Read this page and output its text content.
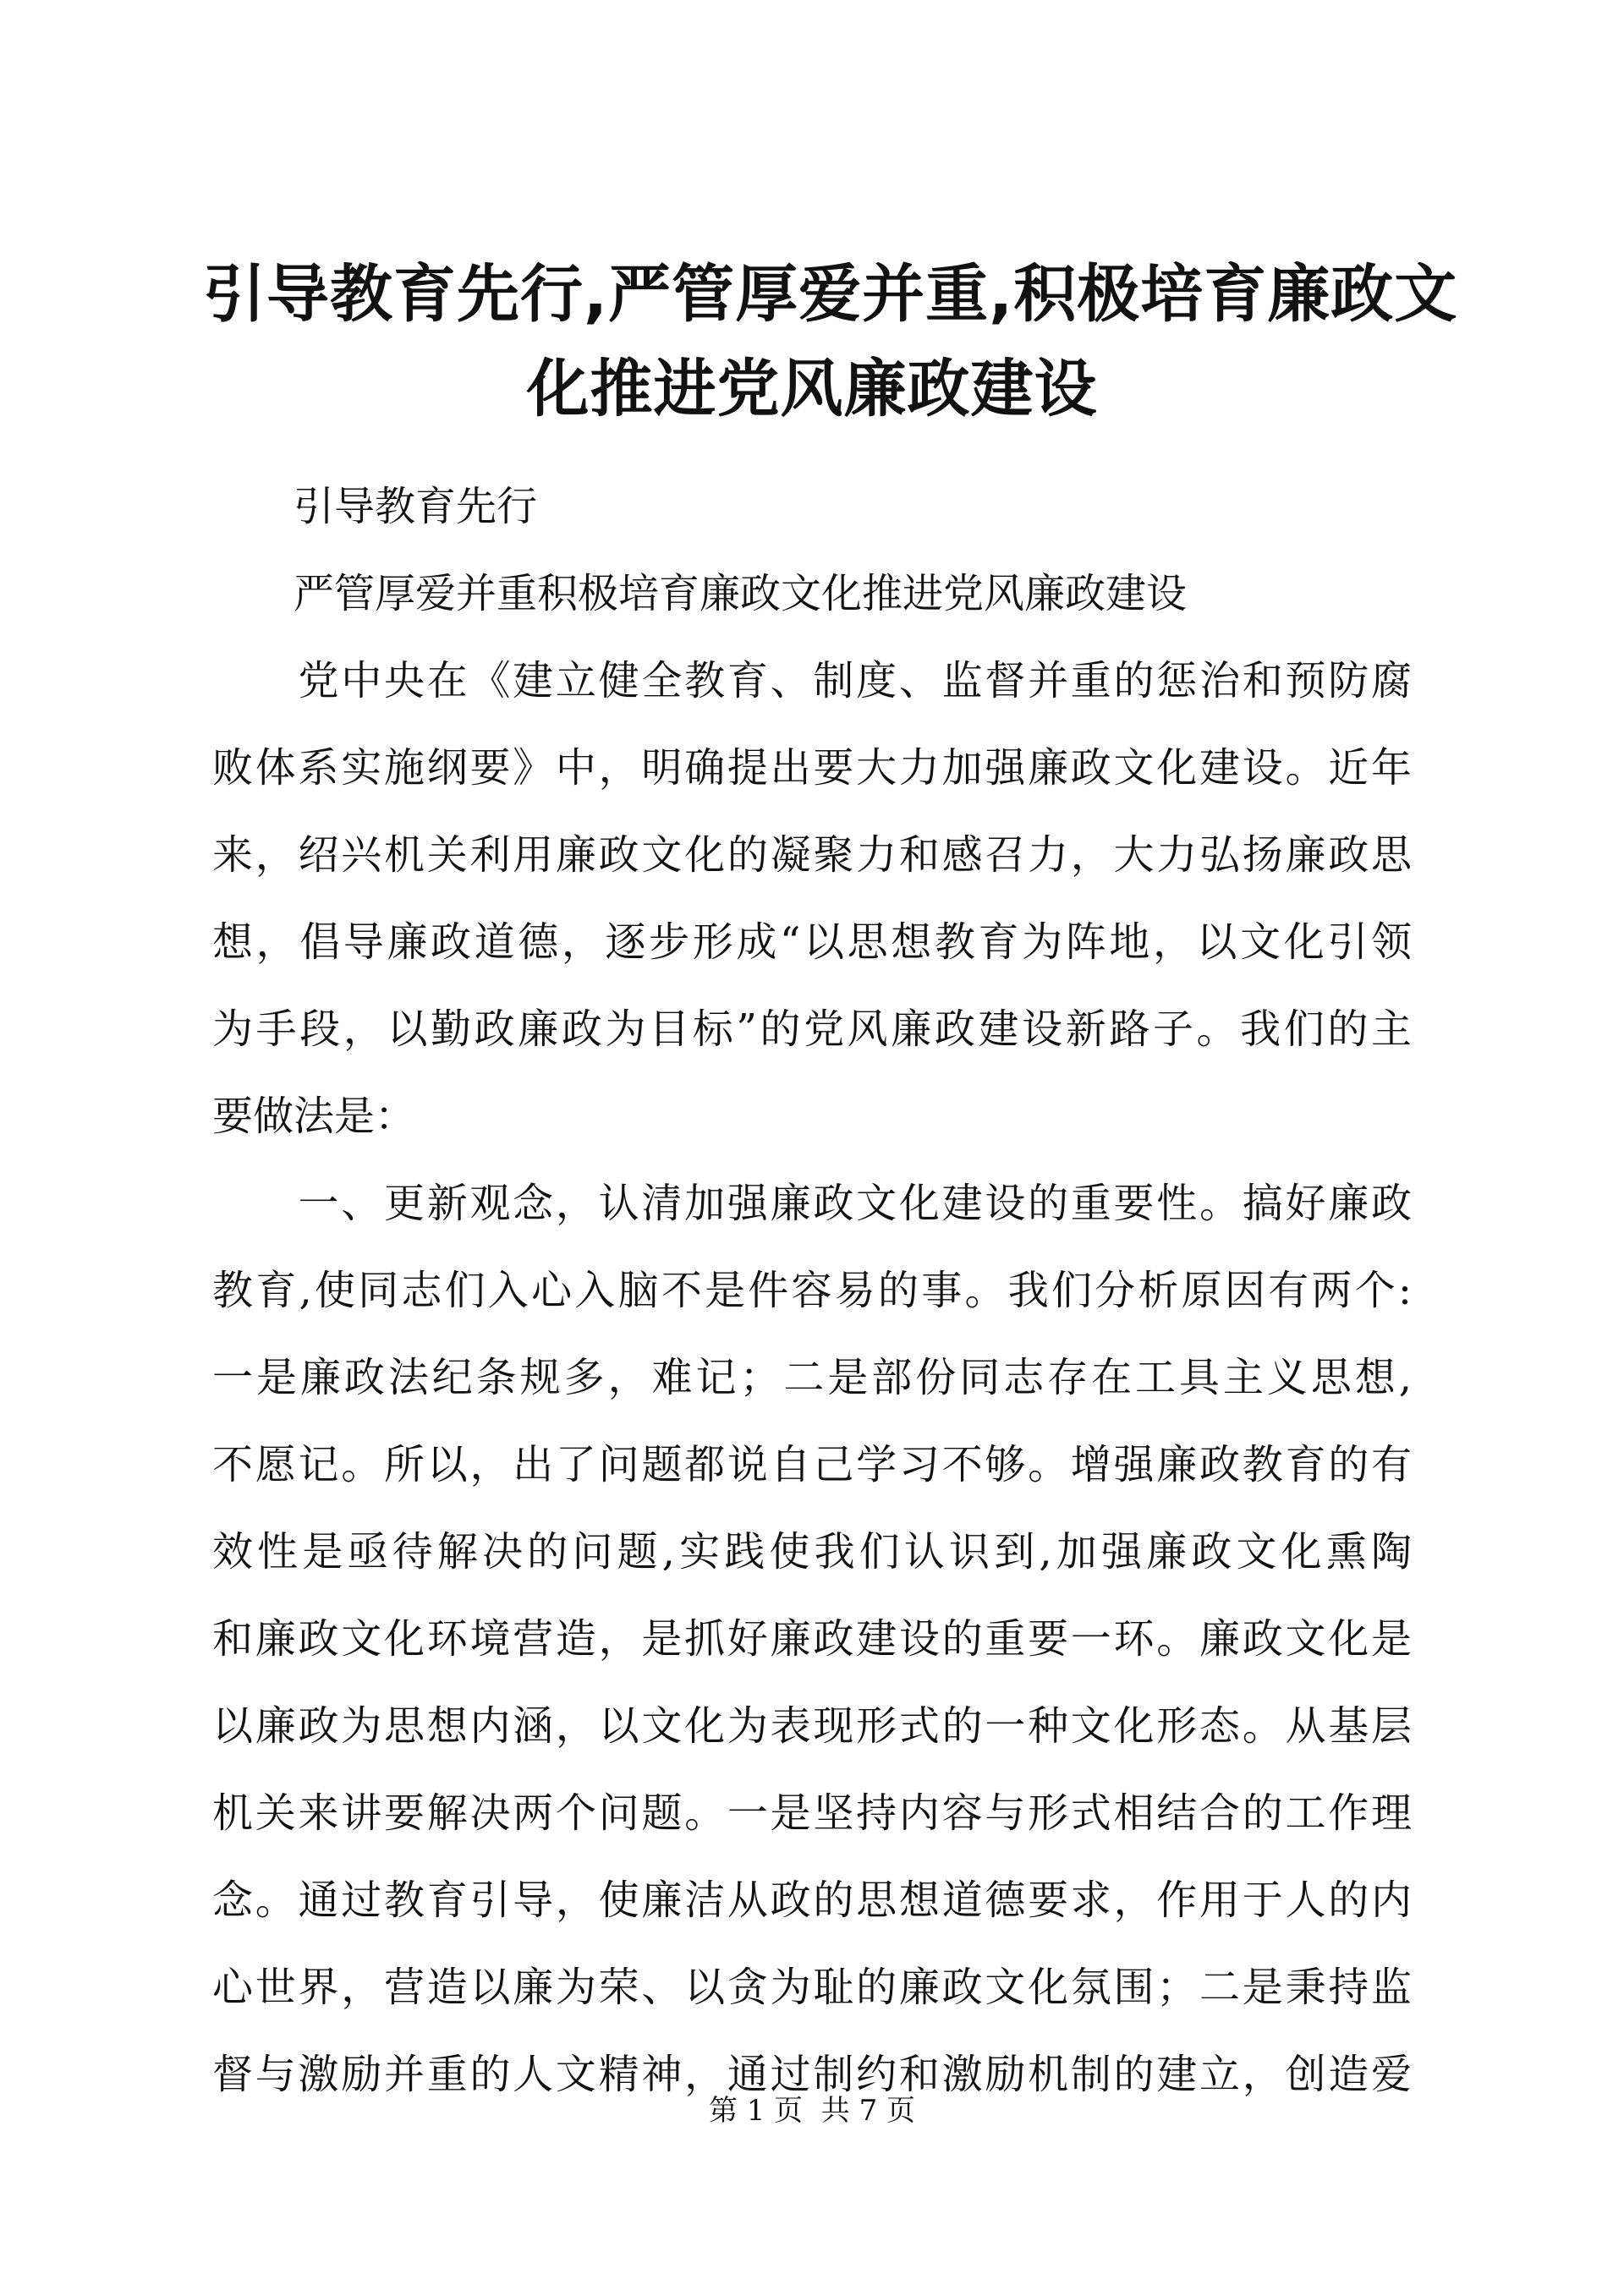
引导教育先行,严管厚爱并重,积极培育廉政文
化推进党风廉政建设
　　引导教育先行
　　严管厚爱并重积极培育廉政文化推进党风廉政建设
　　党中央在《建立健全教育、制度、监督并重的惩治和预防腐
败体系实施纲要》中，明确提出要大力加强廉政文化建设。近年
来，绍兴机关利用廉政文化的凝聚力和感召力，大力弘扬廉政思
想，倡导廉政道德，逐步形成“以思想教育为阵地，以文化引领
为手段，以勤政廉政为目标”的党风廉政建设新路子。我们的主
要做法是：
　　一、更新观念，认清加强廉政文化建设的重要性。搞好廉政
教育,使同志们入心入脑不是件容易的事。我们分析原因有两个:
一是廉政法纪条规多，难记；二是部份同志存在工具主义思想,
不愿记。所以，出了问题都说自己学习不够。增强廉政教育的有
效性是亟待解决的问题,实践使我们认识到,加强廉政文化熏陶
和廉政文化环境营造，是抓好廉政建设的重要一环。廉政文化是
以廉政为思想内涵，以文化为表现形式的一种文化形态。从基层
机关来讲要解决两个问题。一是坚持内容与形式相结合的工作理
念。通过教育引导，使廉洁从政的思想道德要求，作用于人的内
心世界，营造以廉为荣、以贪为耻的廉政文化氛围；二是秉持监
督与激励并重的人文精神，通过制约和激励机制的建立，创造爱
第 1 页  共 7 页
